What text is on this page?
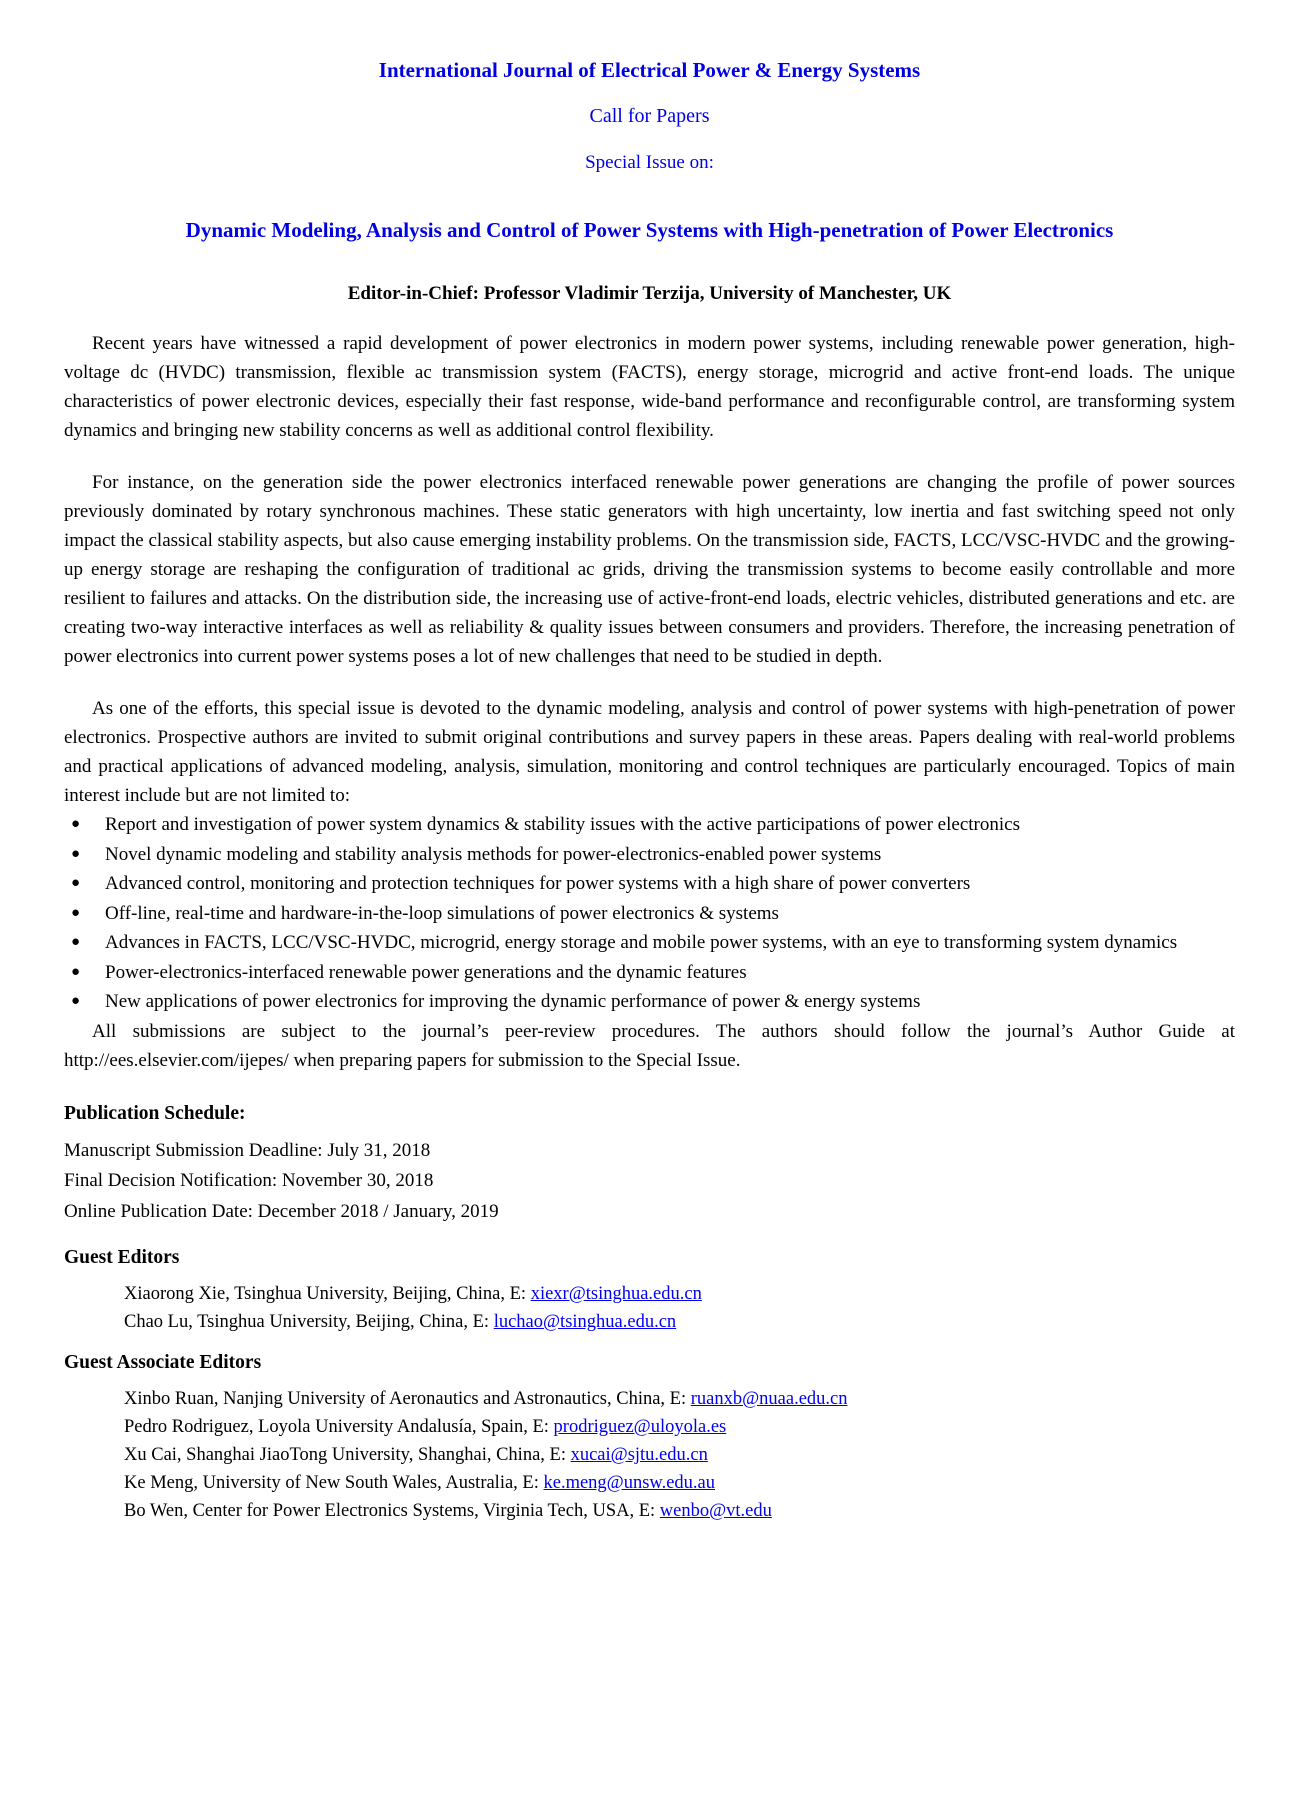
International Journal of Electrical Power & Energy Systems
Call for Papers
Special Issue on:
Dynamic Modeling, Analysis and Control of Power Systems with High-penetration of Power Electronics
Editor-in-Chief: Professor Vladimir Terzija, University of Manchester, UK

Recent years have witnessed a rapid development of power electronics in modern power systems, including renewable power generation, high-voltage dc (HVDC) transmission, flexible ac transmission system (FACTS), energy storage, microgrid and active front-end loads. The unique characteristics of power electronic devices, especially their fast response, wide-band performance and reconfigurable control, are transforming system dynamics and bringing new stability concerns as well as additional control flexibility.

For instance, on the generation side the power electronics interfaced renewable power generations are changing the profile of power sources previously dominated by rotary synchronous machines. These static generators with high uncertainty, low inertia and fast switching speed not only impact the classical stability aspects, but also cause emerging instability problems. On the transmission side, FACTS, LCC/VSC-HVDC and the growing-up energy storage are reshaping the configuration of traditional ac grids, driving the transmission systems to become easily controllable and more resilient to failures and attacks. On the distribution side, the increasing use of active-front-end loads, electric vehicles, distributed generations and etc. are creating two-way interactive interfaces as well as reliability & quality issues between consumers and providers. Therefore, the increasing penetration of power electronics into current power systems poses a lot of new challenges that need to be studied in depth.

As one of the efforts, this special issue is devoted to the dynamic modeling, analysis and control of power systems with high-penetration of power electronics. Prospective authors are invited to submit original contributions and survey papers in these areas. Papers dealing with real-world problems and practical applications of advanced modeling, analysis, simulation, monitoring and control techniques are particularly encouraged. Topics of main interest include but are not limited to:

● Report and investigation of power system dynamics & stability issues with the active participations of power electronics
● Novel dynamic modeling and stability analysis methods for power-electronics-enabled power systems
● Advanced control, monitoring and protection techniques for power systems with a high share of power converters
● Off-line, real-time and hardware-in-the-loop simulations of power electronics & systems
● Advances in FACTS, LCC/VSC-HVDC, microgrid, energy storage and mobile power systems, with an eye to transforming system dynamics
● Power-electronics-interfaced renewable power generations and the dynamic features
● New applications of power electronics for improving the dynamic performance of power & energy systems

All submissions are subject to the journal’s peer-review procedures. The authors should follow the journal’s Author Guide at http://ees.elsevier.com/ijepes/ when preparing papers for submission to the Special Issue.

Publication Schedule:
Manuscript Submission Deadline: July 31, 2018
Final Decision Notification: November 30, 2018
Online Publication Date: December 2018 / January, 2019
Guest Editors
Xiaorong Xie, Tsinghua University, Beijing, China, E: xiexr@tsinghua.edu.cn
Chao Lu, Tsinghua University, Beijing, China, E: luchao@tsinghua.edu.cn
Guest Associate Editors
Xinbo Ruan, Nanjing University of Aeronautics and Astronautics, China, E: ruanxb@nuaa.edu.cn
Pedro Rodriguez, Loyola University Andalusía, Spain, E: prodriguez@uloyola.es
Xu Cai, Shanghai JiaoTong University, Shanghai, China, E: xucai@sjtu.edu.cn
Ke Meng, University of New South Wales, Australia, E: ke.meng@unsw.edu.au
Bo Wen, Center for Power Electronics Systems, Virginia Tech, USA, E: wenbo@vt.edu
